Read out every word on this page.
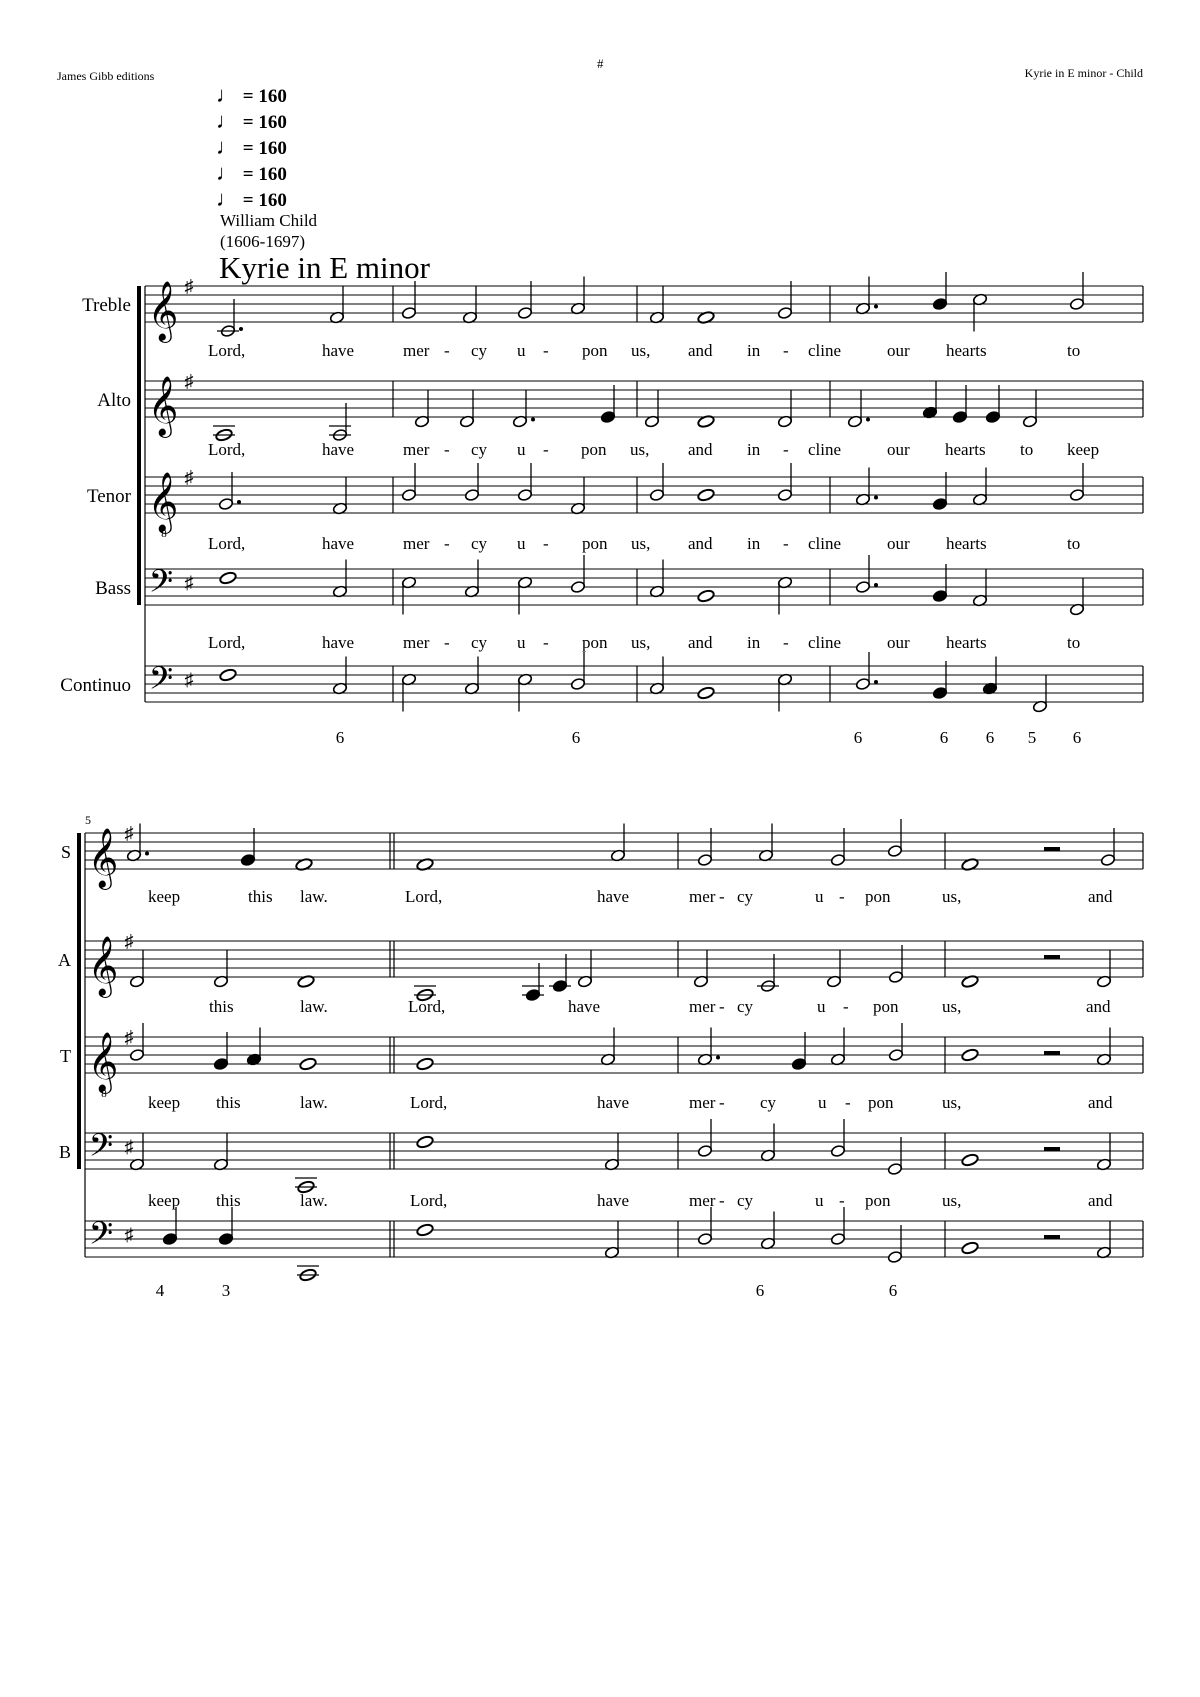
James Gibb editions
#
Kyrie in E minor - Child
♩ = 160
♩ = 160
♩ = 160
♩ = 160
♩ = 160
William Child
(1606-1697)
Kyrie in E minor
𝄞 ♯
Treble
Lord,	have	mer - cy u - pon us, and in - cline	our hearts	to
𝄞 ♯
Alto
Lord,	have	mer - cy u - pon us, and in - cline	our hearts to keep
𝄞
8
♯
Tenor
Lord,	have	mer - cy u - pon us, and in - cline	our hearts	to
𝄢 ♯
Bass
Lord,	have	mer - cy u - pon us, and in - cline	our hearts	to
𝄢 ♯
Continuo
6	6	6	6 6 5 6
𝄞 ♯
S
keep	this law.	Lord,	have	mer - cy	u - pon	us,	and
𝄞 ♯
A
this	law.	Lord,	have	mer - cy	u - pon	us,	and
𝄞
8
♯
T
keep this	law.	Lord,	have	mer - cy u - pon	us,	and
𝄢 ♯
B
keep this	law.	Lord,	have	mer - cy	u - pon	us,	and
𝄢 ♯
4	3	6	6
5
